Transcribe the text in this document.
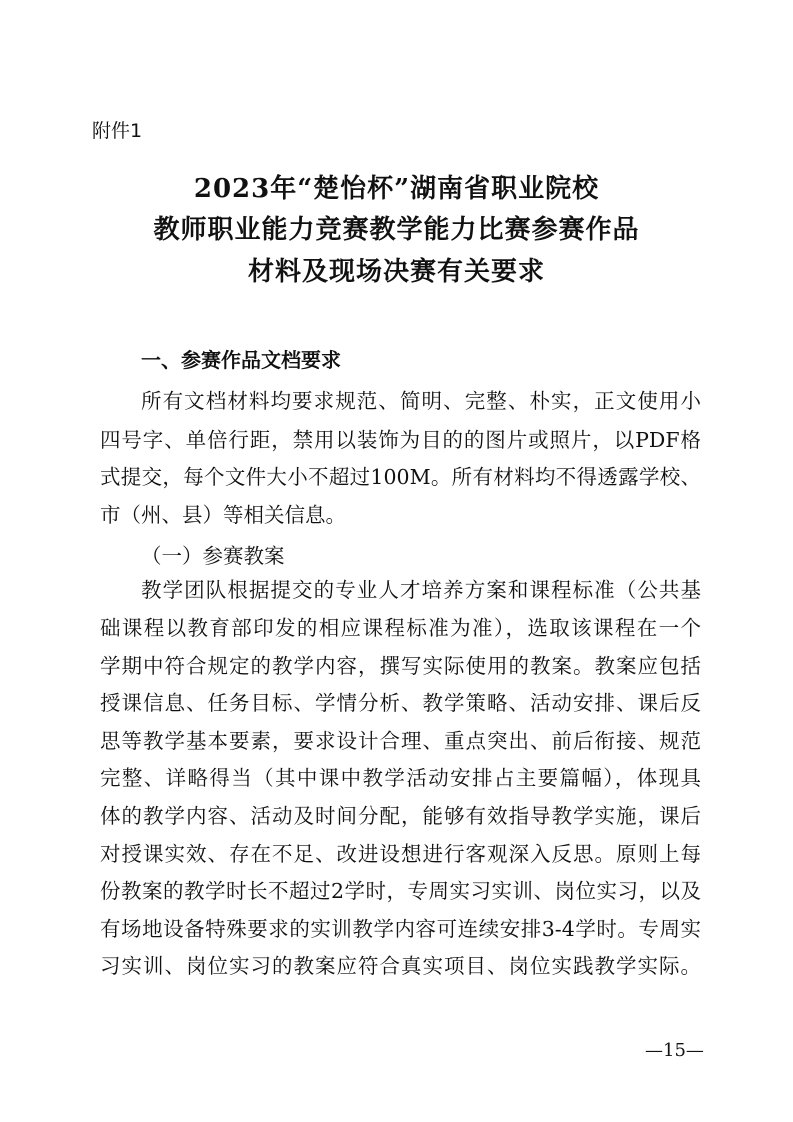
附件1
2023年“楚怡杯”湖南省职业院校
教师职业能力竞赛教学能力比赛参赛作品
材料及现场决赛有关要求
一、参赛作品文档要求
所有文档材料均要求规范、简明、完整、朴实，正文使用小
四号字、单倍行距，禁用以装饰为目的的图片或照片，以PDF格
式提交，每个文件大小不超过100M。所有材料均不得透露学校、
市（州、县）等相关信息。
（一）参赛教案
教学团队根据提交的专业人才培养方案和课程标准（公共基
础课程以教育部印发的相应课程标准为准），选取该课程在一个
学期中符合规定的教学内容，撰写实际使用的教案。教案应包括
授课信息、任务目标、学情分析、教学策略、活动安排、课后反
思等教学基本要素，要求设计合理、重点突出、前后衔接、规范
完整、详略得当（其中课中教学活动安排占主要篇幅），体现具
体的教学内容、活动及时间分配，能够有效指导教学实施，课后
对授课实效、存在不足、改进设想进行客观深入反思。原则上每
份教案的教学时长不超过2学时，专周实习实训、岗位实习，以及
有场地设备特殊要求的实训教学内容可连续安排3-4学时。专周实
习实训、岗位实习的教案应符合真实项目、岗位实践教学实际。
—15—
